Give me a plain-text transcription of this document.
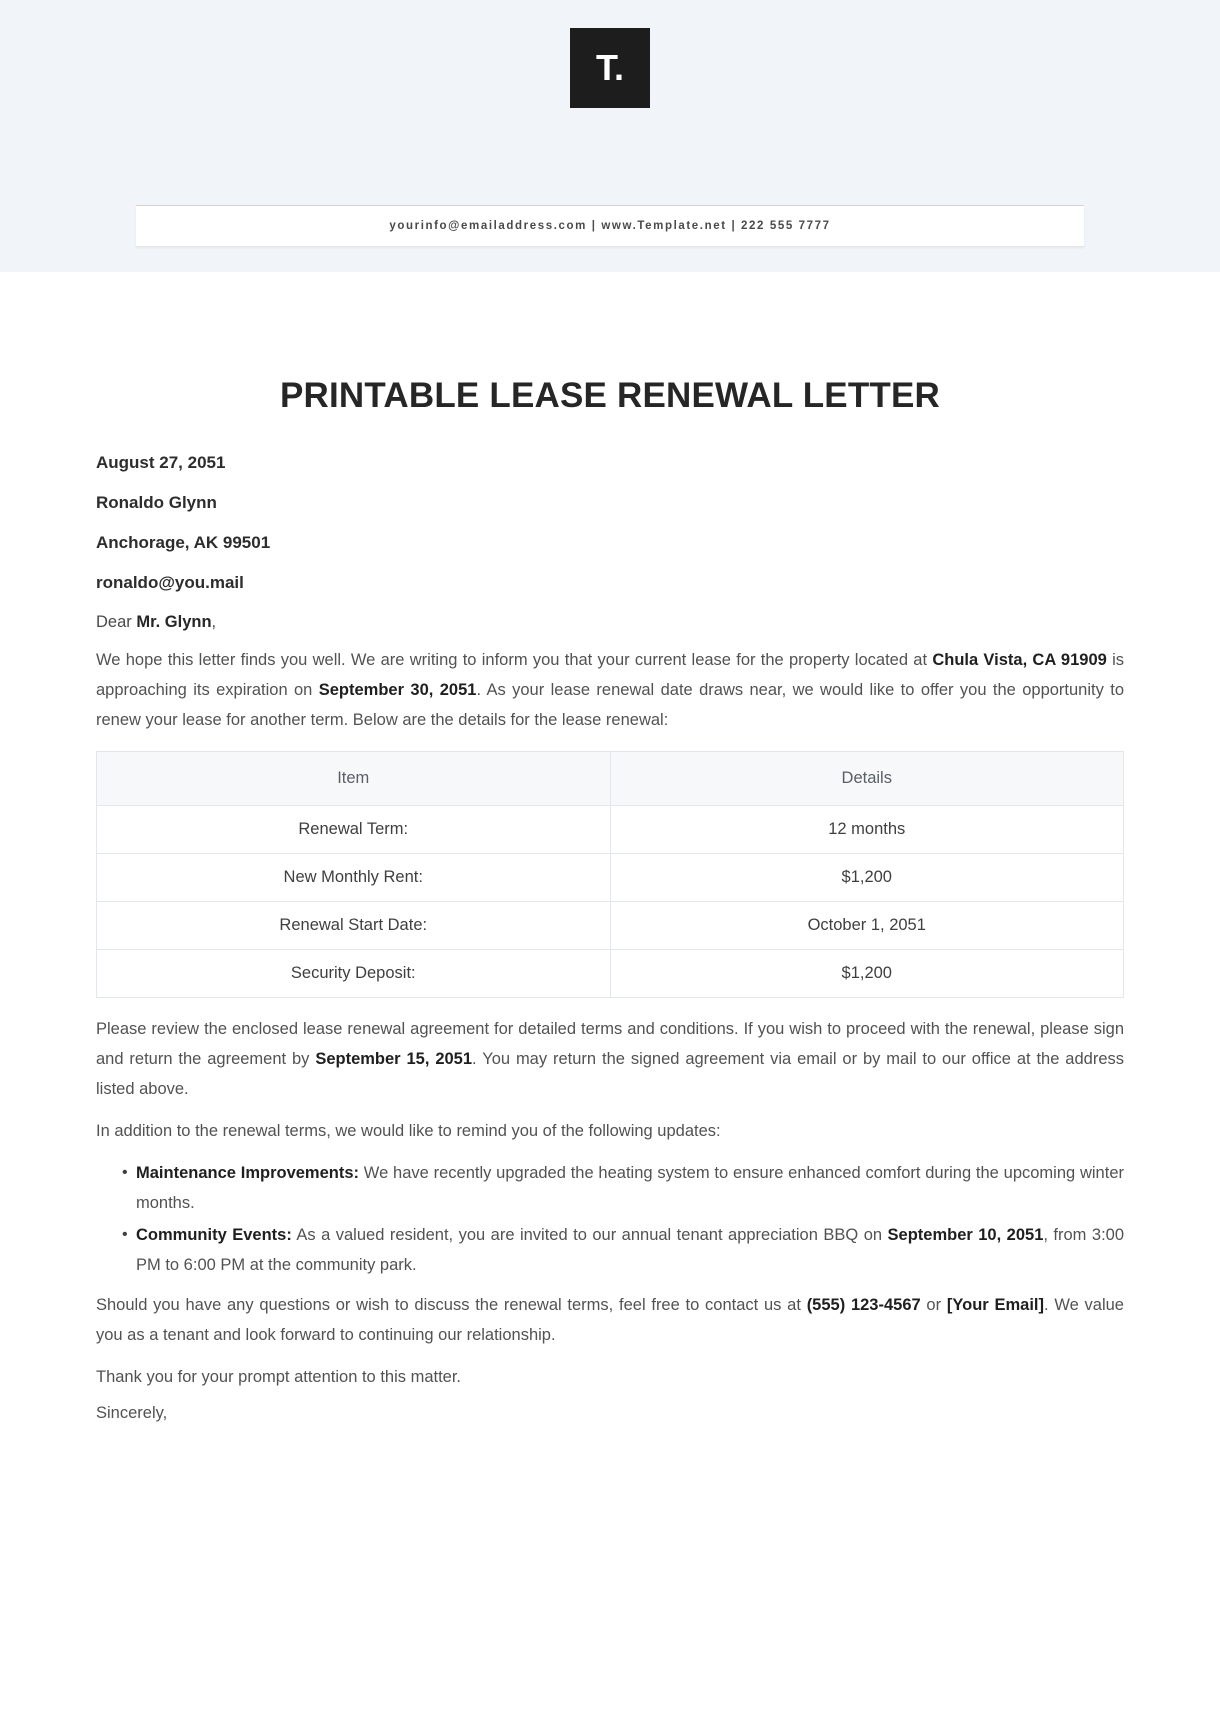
T.
yourinfo@emailaddress.com | www.Template.net | 222 555 7777
PRINTABLE LEASE RENEWAL LETTER
August 27, 2051
Ronaldo Glynn
Anchorage, AK 99501
ronaldo@you.mail
Dear Mr. Glynn,

We hope this letter finds you well. We are writing to inform you that your current lease for the property located at Chula Vista, CA 91909 is approaching its expiration on September 30, 2051. As your lease renewal date draws near, we would like to offer you the opportunity to renew your lease for another term. Below are the details for the lease renewal:

Item	Details
Renewal Term:	12 months
New Monthly Rent:	$1,200
Renewal Start Date:	October 1, 2051
Security Deposit:	$1,200

Please review the enclosed lease renewal agreement for detailed terms and conditions. If you wish to proceed with the renewal, please sign and return the agreement by September 15, 2051. You may return the signed agreement via email or by mail to our office at the address listed above.

In addition to the renewal terms, we would like to remind you of the following updates:

• Maintenance Improvements: We have recently upgraded the heating system to ensure enhanced comfort during the upcoming winter months.
• Community Events: As a valued resident, you are invited to our annual tenant appreciation BBQ on September 10, 2051, from 3:00 PM to 6:00 PM at the community park.

Should you have any questions or wish to discuss the renewal terms, feel free to contact us at (555) 123-4567 or [Your Email]. We value you as a tenant and look forward to continuing our relationship.

Thank you for your prompt attention to this matter.

Sincerely,
